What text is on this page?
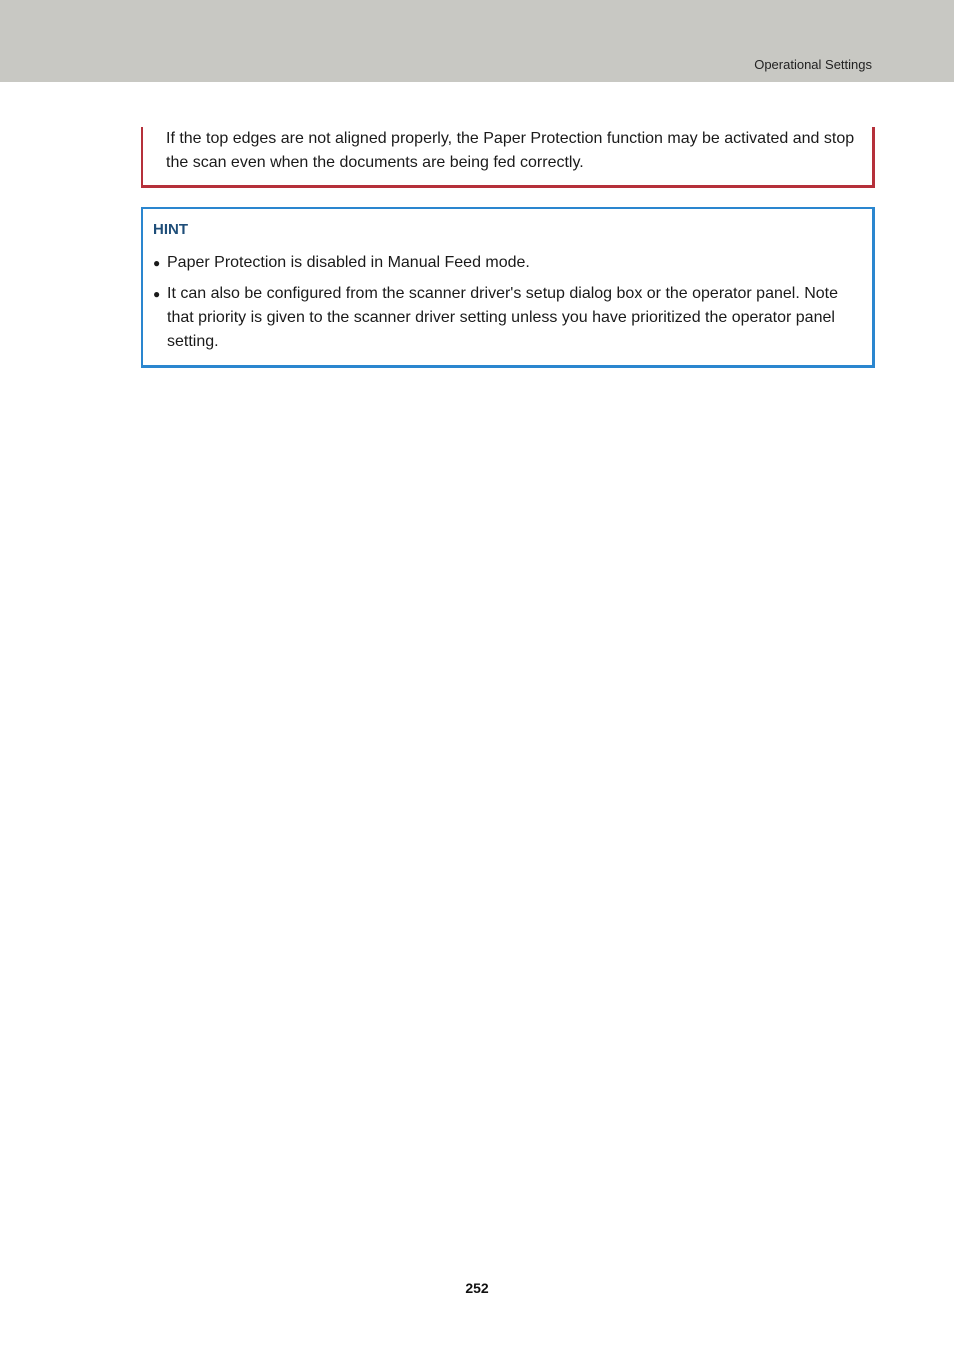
Operational Settings
If the top edges are not aligned properly, the Paper Protection function may be activated and stop the scan even when the documents are being fed correctly.
HINT
● Paper Protection is disabled in Manual Feed mode.
● It can also be configured from the scanner driver's setup dialog box or the operator panel. Note that priority is given to the scanner driver setting unless you have prioritized the operator panel setting.
252
